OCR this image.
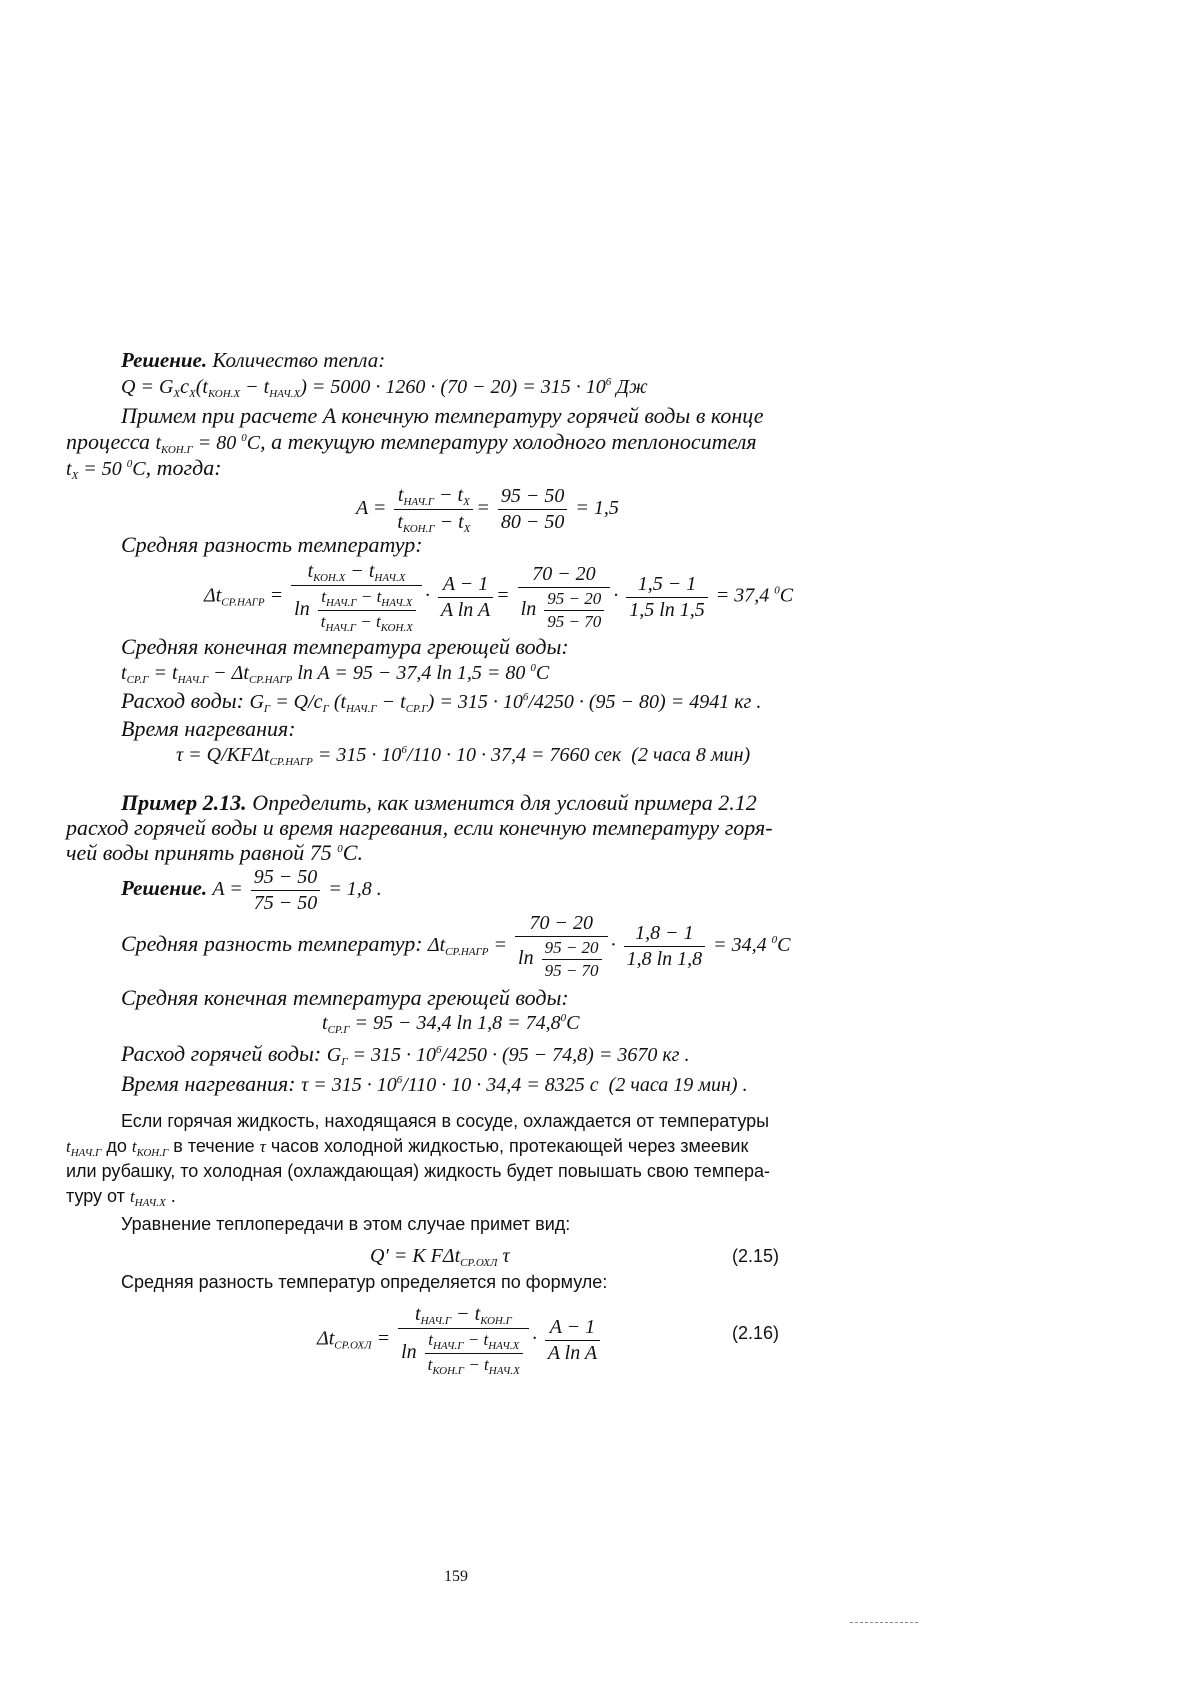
Решение. Количество тепла:
$Q = G_Хc_Х(t_{КОН.Х} - t_{НАЧ.Х}) = 5000 \cdot 1260 \cdot (70 - 20) = 315 \cdot 10^6$ Дж
Примем при расчете A конечную температуру горячей воды в конце
процесса $t_{КОН.Г} = 80$ $^0$C, а текущую температуру холодного теплоносителя
$t_Х = 50$ $^0$C, тогда:
$A = \frac{t_{НАЧ.Г} - t_Х}{t_{КОН.Г} - t_Х} = \frac{95 - 50}{80 - 50} = 1,5$
Средняя разность температур:
$\Delta t_{СР.НАГР} = \frac{t_{КОН.Х} - t_{НАЧ.Х}}{\ln \frac{t_{НАЧ.Г} - t_{НАЧ.Х}}{t_{НАЧ.Г} - t_{КОН.Х}}} \cdot \frac{A - 1}{\text{A ln A}} = \frac{70 - 20}{\ln \frac{95 - 20}{95 - 70}} \cdot \frac{1,5 - 1}{1,5 \ln 1,5} = 37,4$ $^0$C
Средняя конечная температура греющей воды:
$t_{СР.Г} = t_{НАЧ.Г} - \Delta t_{СР.НАГР}$ ln A = 95 − 37,4 ln 1,5 = 80 $^0$C
Расход воды: $G_Г = Q/c_Г$ $(t_{НАЧ.Г} - t_{СР.Г}) = 315 \cdot 10^6/4250 \cdot (95 - 80) = 4941$ кг .
Время нагревания:
$\tau = Q/KF\Delta t_{СР.НАГР} = 315 \cdot 10^6/110 \cdot 10 \cdot 37,4 = 7660$ сек (2 часа 8 мин)
Пример 2.13. Определить, как изменится для условий примера 2.12
расход горячей воды и время нагревания, если конечную температуру горя-
чей воды принять равной 75 $^0$C.
Решение. $A = \frac{95 - 50}{75 - 50} = 1,8$ .
Средняя разность температур: $\Delta t_{СР.НАГР} = \frac{70 - 20}{\ln \frac{95 - 20}{95 - 70}} \cdot \frac{1,8 - 1}{1,8 \ln 1,8} = 34,4$ $^0$C
Средняя конечная температура греющей воды:
$t_{СР.Г} = 95 - 34,4$ $\ln 1,8 = 74,8^0C$
Расход горячей воды: $G_Г = 315 \cdot 10^6/4250 \cdot (95 - 74,8) = 3670$ кг .
Время нагревания: $\tau = 315 \cdot 10^6/110 \cdot 10 \cdot 34,4 = 8325$ с (2 часа 19 мин) .
Если горячая жидкость, находящаяся в сосуде, охлаждается от температуры
$t_{НАЧ.Г}$ до $t_{КОН.Г}$ в течение τ часов холодной жидкостью, протекающей через змеевик
или рубашку, то холодная (охлаждающая) жидкость будет повышать свою темпера-
туру от $t_{НАЧ.Х}$ .
Уравнение теплопередачи в этом случае примет вид:
Q′ = K FΔt$_{СР.ОХЛ}$ τ	(2.15)
Средняя разность температур определяется по формуле:
$\Delta t_{СР.ОХЛ} = \frac{t_{НАЧ.Г} - t_{КОН.Г}}{\ln \frac{t_{НАЧ.Г} - t_{НАЧ.Х}}{t_{КОН.Г} - t_{НАЧ.Х}}} \cdot \frac{A - 1}{\text{A ln A}}$	(2.16)
159
